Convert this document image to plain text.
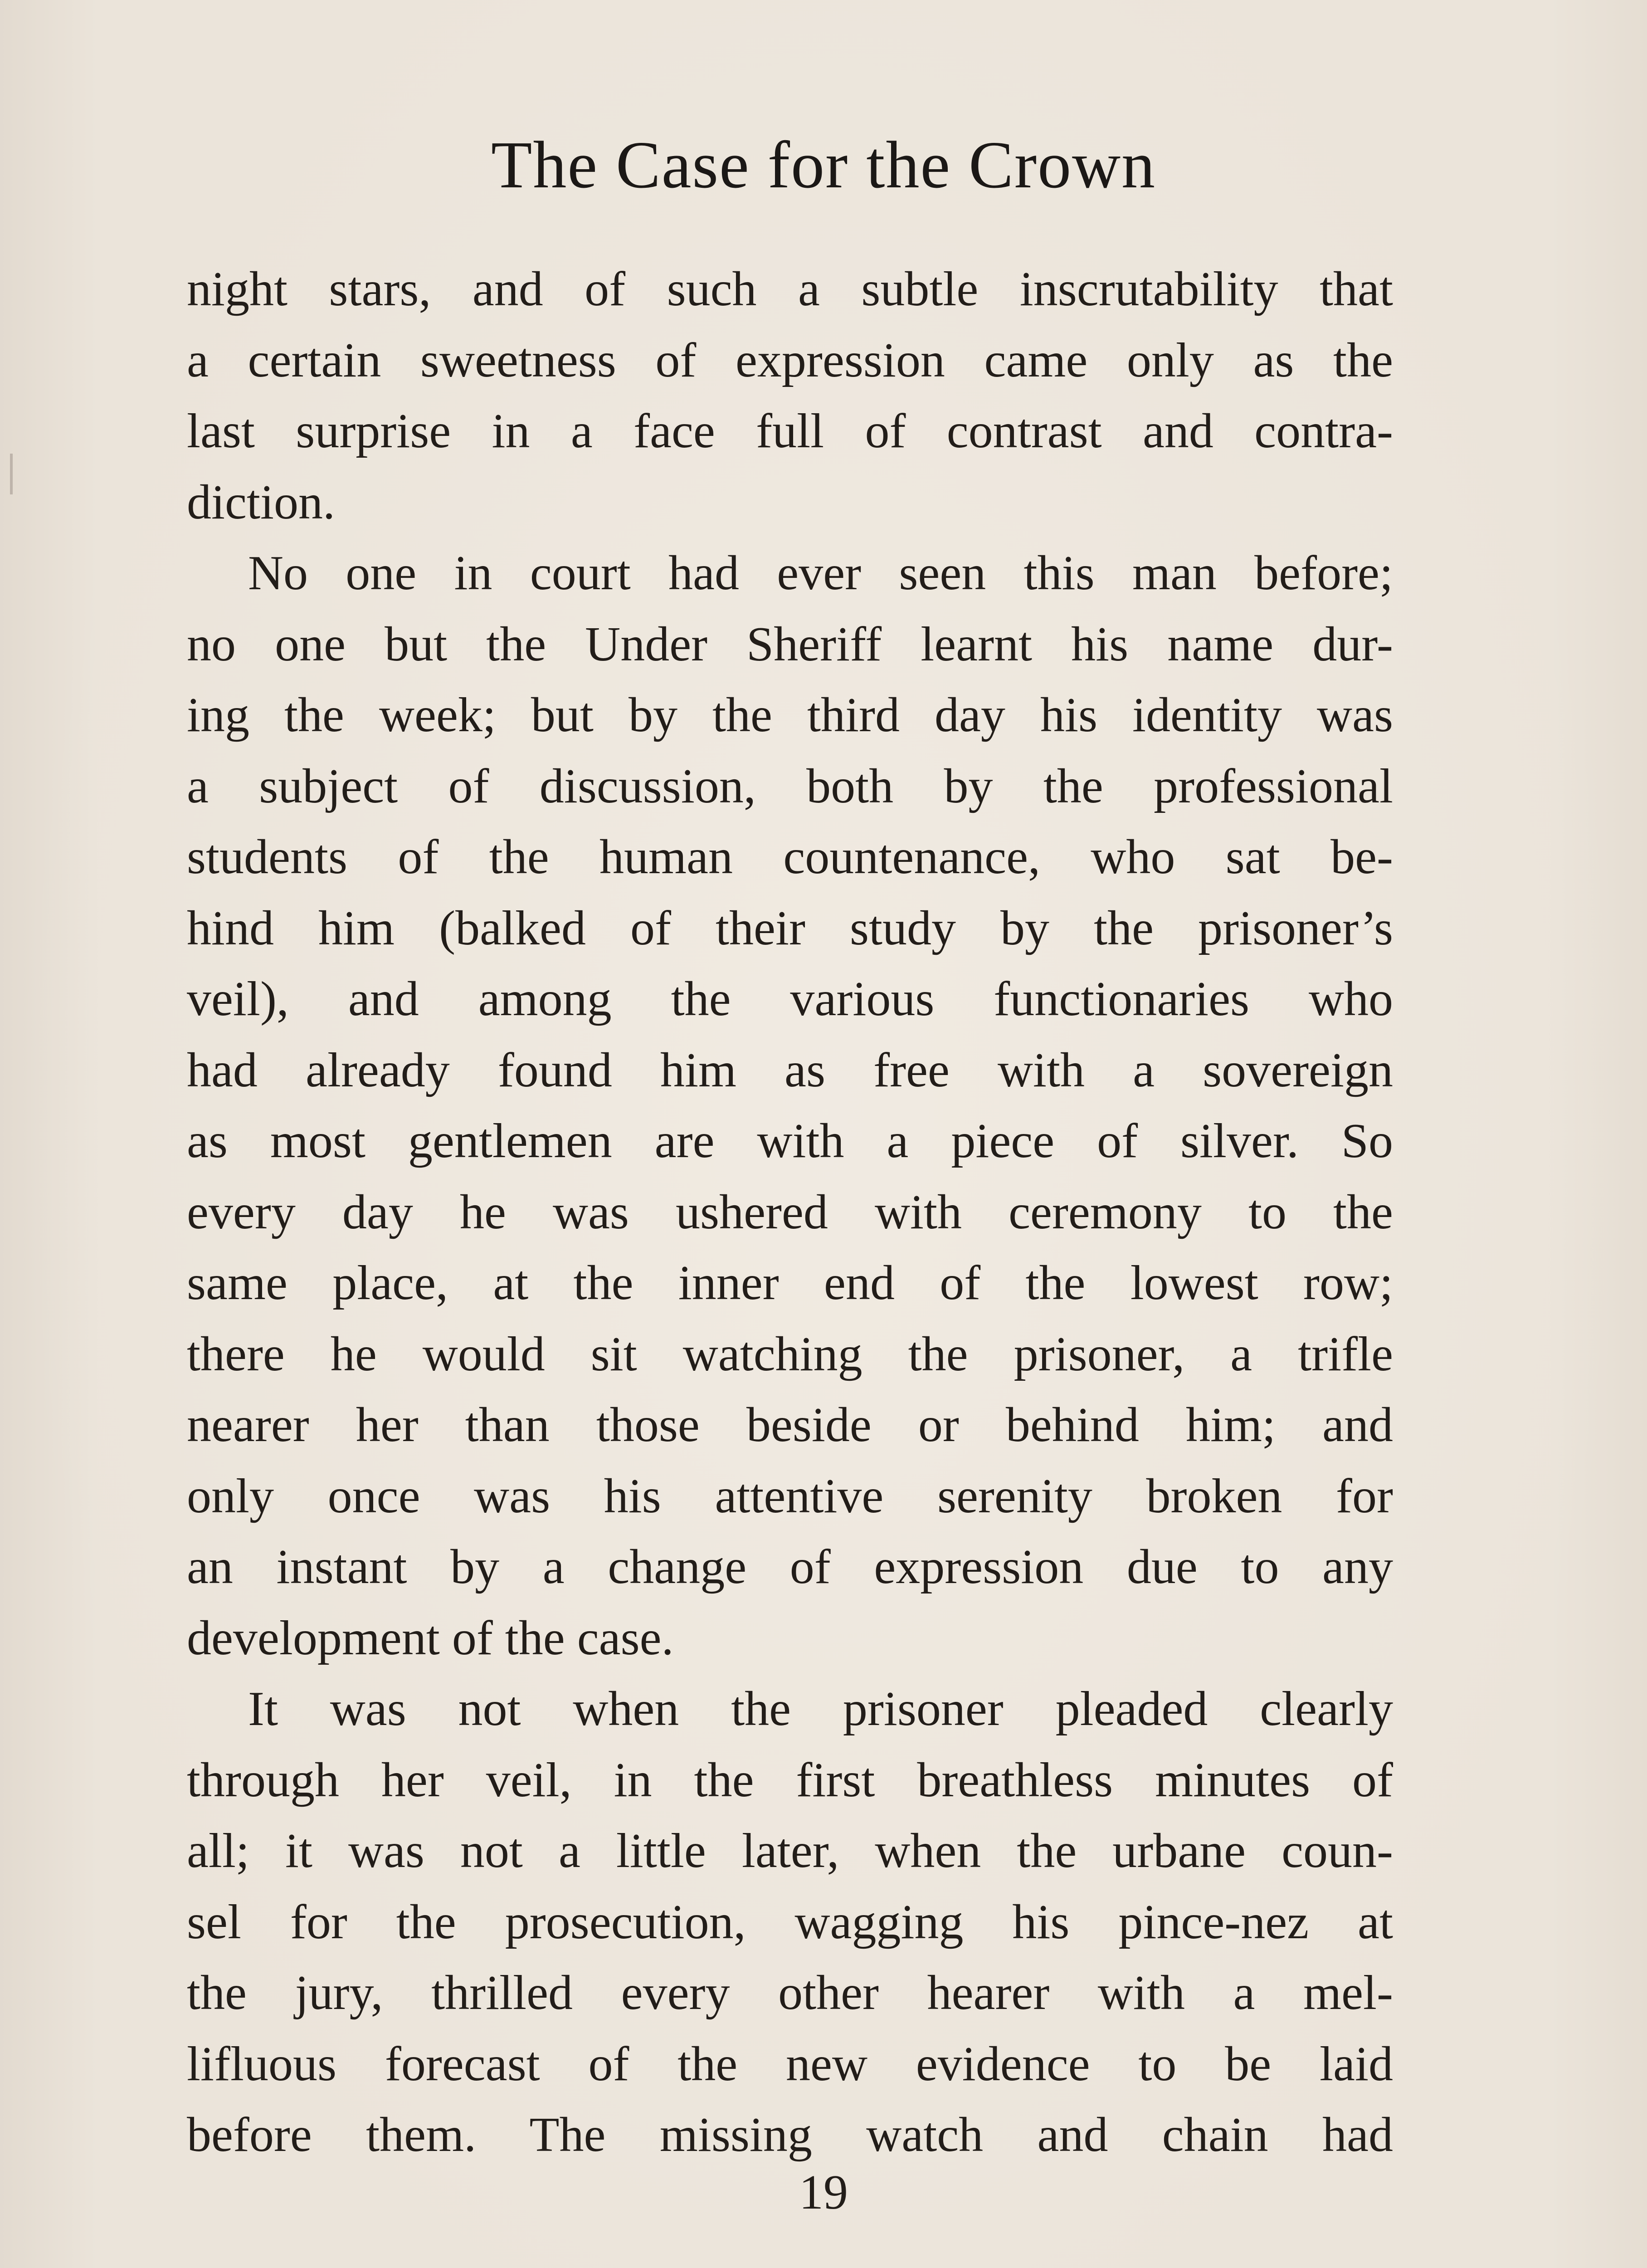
The Case for the Crown
night stars, and of such a subtle inscrutability that
a certain sweetness of expression came only as the
last surprise in a face full of contrast and contra-
diction.
No one in court had ever seen this man before;
no one but the Under Sheriff learnt his name dur-
ing the week; but by the third day his identity was
a subject of discussion, both by the professional
students of the human countenance, who sat be-
hind him (balked of their study by the prisoner’s
veil), and among the various functionaries who
had already found him as free with a sovereign
as most gentlemen are with a piece of silver. So
every day he was ushered with ceremony to the
same place, at the inner end of the lowest row;
there he would sit watching the prisoner, a trifle
nearer her than those beside or behind him; and
only once was his attentive serenity broken for
an instant by a change of expression due to any
development of the case.
It was not when the prisoner pleaded clearly
through her veil, in the first breathless minutes of
all; it was not a little later, when the urbane coun-
sel for the prosecution, wagging his pince-nez at
the jury, thrilled every other hearer with a mel-
lifluous forecast of the new evidence to be laid
before them. The missing watch and chain had
19
